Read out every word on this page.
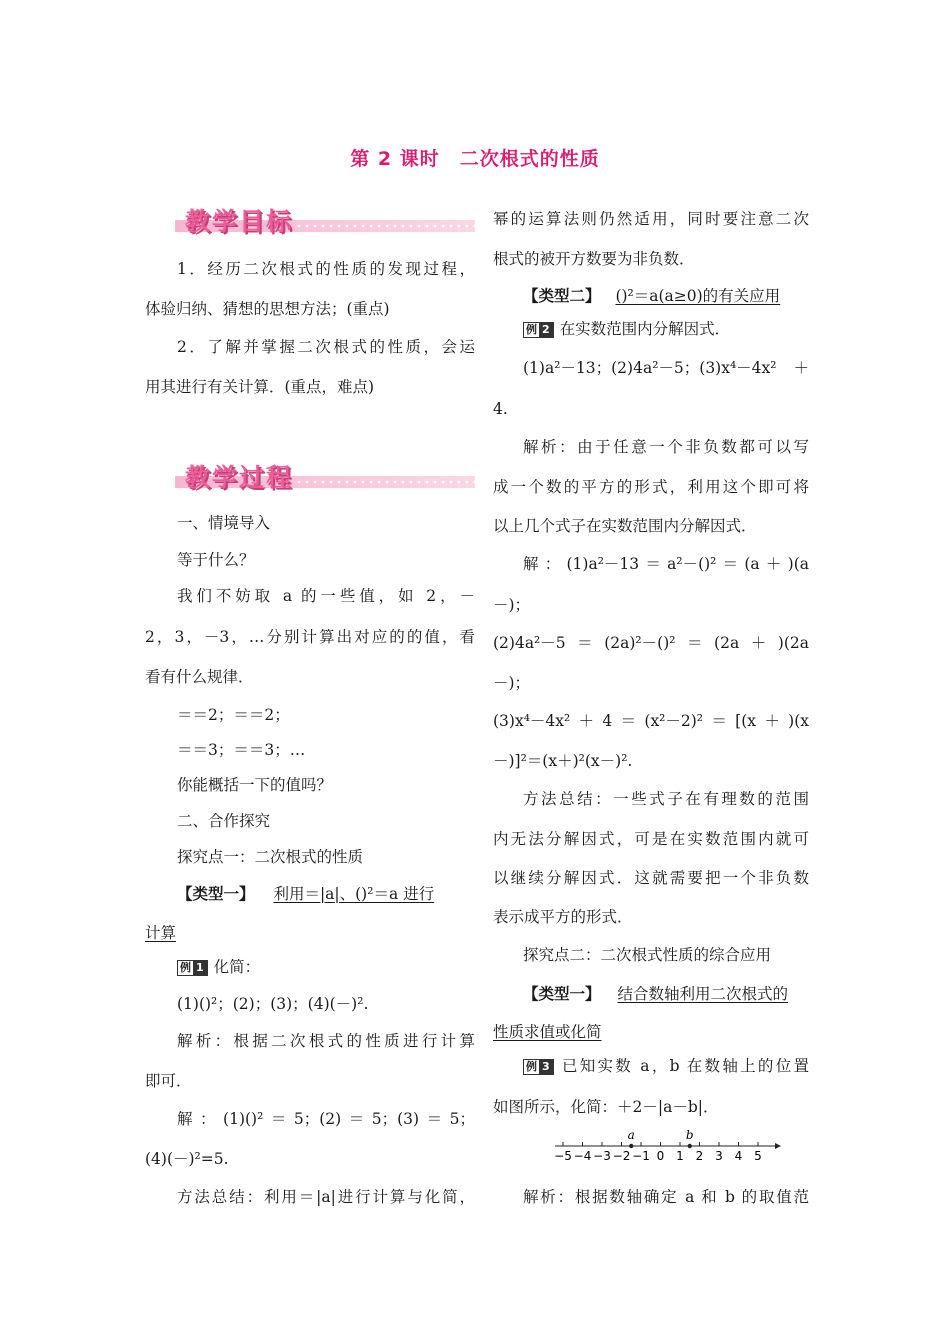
第 2 课时　二次根式的性质
教学目标
1．经历二次根式的性质的发现过程，
体验归纳、猜想的思想方法；(重点)
2．了解并掌握二次根式的性质，会运
用其进行有关计算．(重点，难点)
教学过程
一、情境导入
等于什么？
我们不妨取 a 的一些值，如 2，－
2，3，－3，…分别计算出对应的的值，看
看有什么规律．
＝＝2；＝＝2；
＝＝3；＝＝3；…
你能概括一下的值吗？
二、合作探究
探究点一：二次根式的性质
【类型一】 利用＝|a|、()²＝a 进行
计算
例 1 化简：
(1)()²；(2)；(3)；(4)(－)².
解析：根据二次根式的性质进行计算
即可．
解：(1)()²＝5；(2)＝5；(3)＝5；
(4)(－)²=5.
方法总结：利用＝|a|进行计算与化简，
幂的运算法则仍然适用，同时要注意二次
根式的被开方数要为非负数．
【类型二】 ()²＝a(a≥0)的有关应用
例 2 在实数范围内分解因式．
(1)a²－13；(2)4a²－5；(3)x⁴－4x²＋
4.
解析：由于任意一个非负数都可以写
成一个数的平方的形式，利用这个即可将
以上几个式子在实数范围内分解因式．
解：(1)a²－13＝a²－()²＝(a＋)(a
－)；
(2)4a²－5＝(2a)²－()²＝(2a＋)(2a
－)；
(3)x⁴－4x²＋4＝(x²－2)²＝[(x＋)(x
－)]²＝(x＋)²(x－)².
方法总结：一些式子在有理数的范围
内无法分解因式，可是在实数范围内就可
以继续分解因式．这就需要把一个非负数
表示成平方的形式．
探究点二：二次根式性质的综合应用
【类型一】 结合数轴利用二次根式的
性质求值或化简
例 3 已知实数 a，b 在数轴上的位置
如图所示，化简：＋2－|a－b|．
−5 −4 −3 −2 −1 0 1 2 3 4 5
a	b
解析：根据数轴确定 a 和 b 的取值范
